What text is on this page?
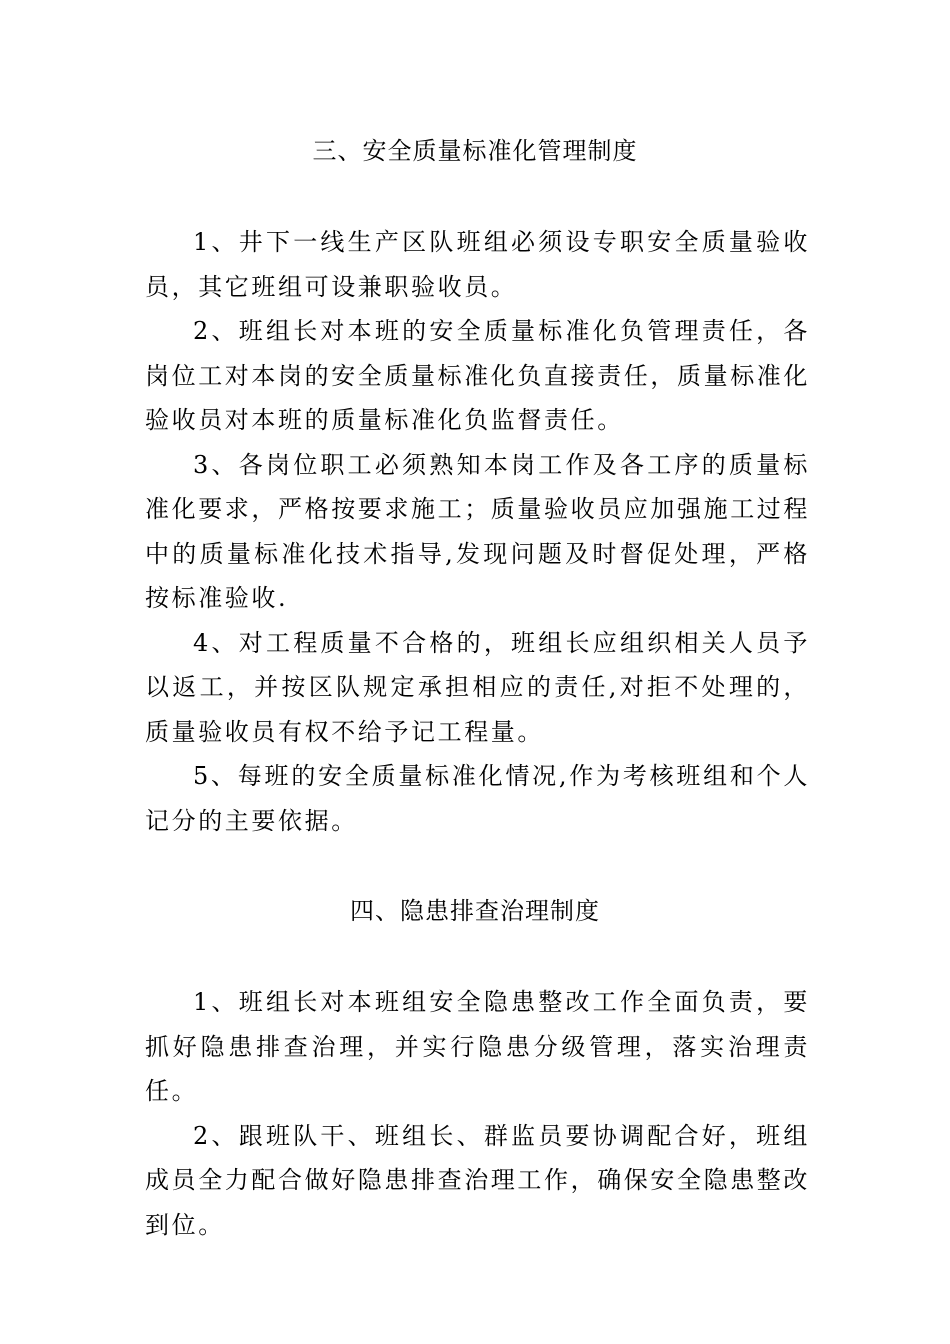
三、安全质量标准化管理制度

1、井下一线生产区队班组必须设专职安全质量验收员，其它班组可设兼职验收员。

2、班组长对本班的安全质量标准化负管理责任，各岗位工对本岗的安全质量标准化负直接责任，质量标准化验收员对本班的质量标准化负监督责任。

3、各岗位职工必须熟知本岗工作及各工序的质量标准化要求，严格按要求施工；质量验收员应加强施工过程中的质量标准化技术指导,发现问题及时督促处理，严格按标准验收.

4、对工程质量不合格的，班组长应组织相关人员予以返工，并按区队规定承担相应的责任,对拒不处理的，质量验收员有权不给予记工程量。

5、每班的安全质量标准化情况,作为考核班组和个人记分的主要依据。

四、隐患排查治理制度

1、班组长对本班组安全隐患整改工作全面负责，要抓好隐患排查治理，并实行隐患分级管理，落实治理责任。

2、跟班队干、班组长、群监员要协调配合好，班组成员全力配合做好隐患排查治理工作，确保安全隐患整改到位。
